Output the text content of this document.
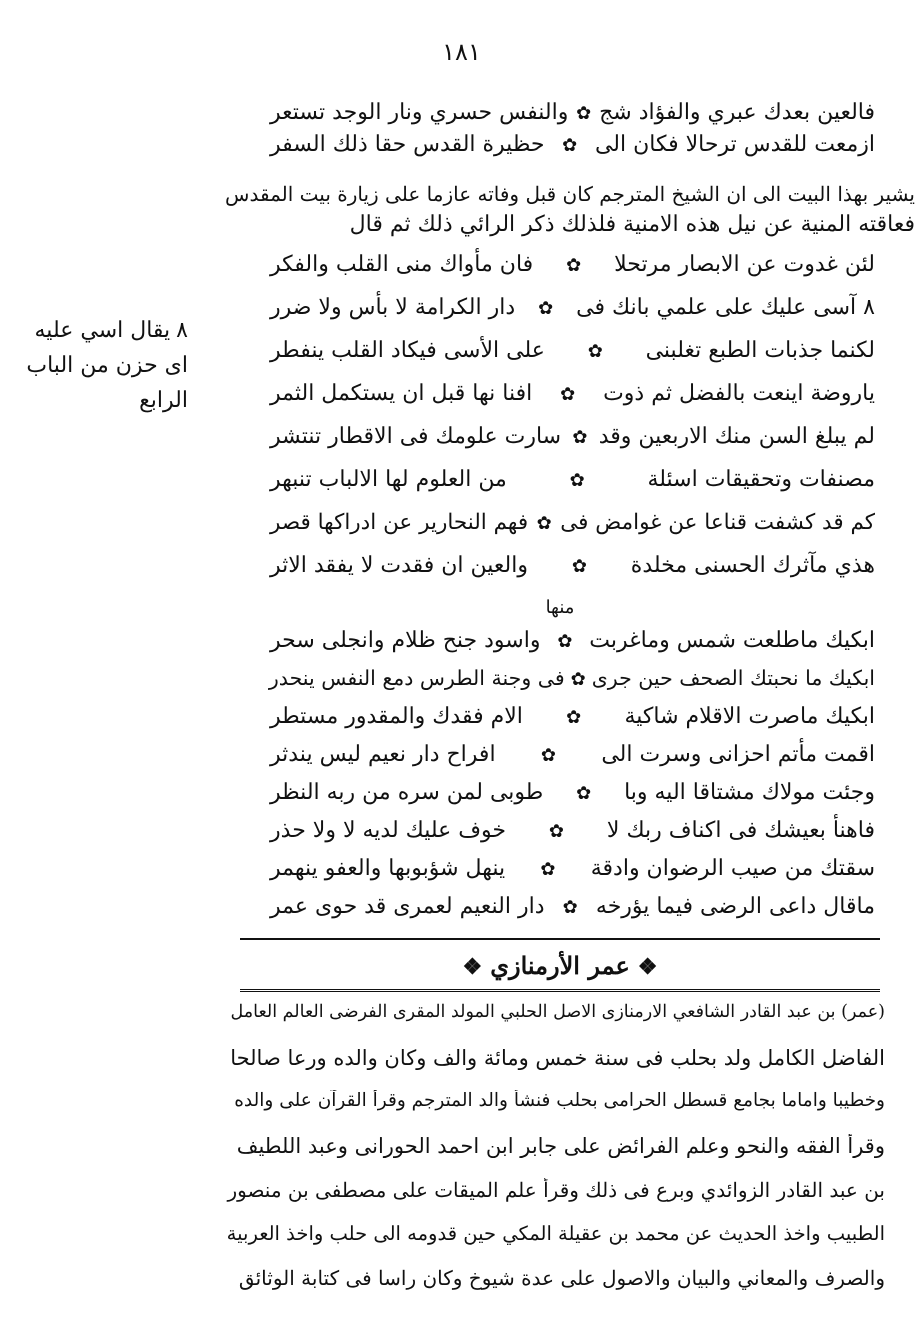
١٨١
فالعين بعدك عبري والفؤاد شج
✿
والنفس حسري ونار الوجد تستعر
ازمعت للقدس ترحالا فكان الى
✿
حظيرة القدس حقا ذلك السفر
يشير بهذا البيت الى ان الشيخ المترجم كان قبل وفاته عازما على زيارة بيت المقدس
فعاقته المنية عن نيل هذه الامنية فلذلك ذكر الرائي ذلك ثم قال
لئن غدوت عن الابصار مرتحلا
✿
فان مأواك منى القلب والفكر
٨ آسى عليك على علمي بانك فى
✿
دار الكرامة لا بأس ولا ضرر
لكنما جذبات الطبع تغلبنى
✿
على الأسى فيكاد القلب ينفطر
ياروضة اينعت بالفضل ثم ذوت
✿
افنا نها قبل ان يستكمل الثمر
لم يبلغ السن منك الاربعين وقد
✿
سارت علومك فى الاقطار تنتشر
مصنفات وتحقيقات اسئلة
✿
من العلوم لها الالباب تنبهر
كم قد كشفت قناعا عن غوامض فى
✿
فهم النحارير عن ادراكها قصر
هذي مآثرك الحسنى مخلدة
✿
والعين ان فقدت لا يفقد الاثر
منها
ابكيك ماطلعت شمس وماغربت
✿
واسود جنح ظلام وانجلى سحر
ابكيك ما نحبتك الصحف حين جرى
✿
فى وجنة الطرس دمع النفس ينحدر
ابكيك ماصرت الاقلام شاكية
✿
الام فقدك والمقدور مستطر
اقمت مأتم احزانى وسرت الى
✿
افراح دار نعيم ليس يندثر
وجئت مولاك مشتاقا اليه وبا
✿
طوبى لمن سره من ربه النظر
فاهنأ بعيشك فى اكناف ربك لا
✿
خوف عليك لديه لا ولا حذر
سقتك من صيب الرضوان وادقة
✿
ينهل شؤبوبها والعفو ينهمر
ماقال داعى الرضى فيما يؤرخه
✿
دار النعيم لعمرى قد حوى عمر
٨يقال اسي عليه
اى حزن من الباب
الرابع
❖عمر الأرمنازي❖
(عمر) بن عبد القادر الشافعي الارمنازى الاصل الحلبي المولد المقرى الفرضى العالم العامل
الفاضل الكامل ولد بحلب فى سنة خمس ومائة والف وكان والده ورعا صالحا
وخطيبا واماما بجامع قسطل الحرامى بحلب فنشأ والد المترجم وقرأ القرآن على والده
وقرأ الفقه والنحو وعلم الفرائض على جابر ابن احمد الحورانى وعبد اللطيف
بن عبد القادر الزوائدي وبرع فى ذلك وقرأ علم الميقات على مصطفى بن منصور
الطبيب واخذ الحديث عن محمد بن عقيلة المكي حين قدومه الى حلب واخذ العربية
والصرف والمعاني والبيان والاصول على عدة شيوخ وكان راسا فى كتابة الوثائق
